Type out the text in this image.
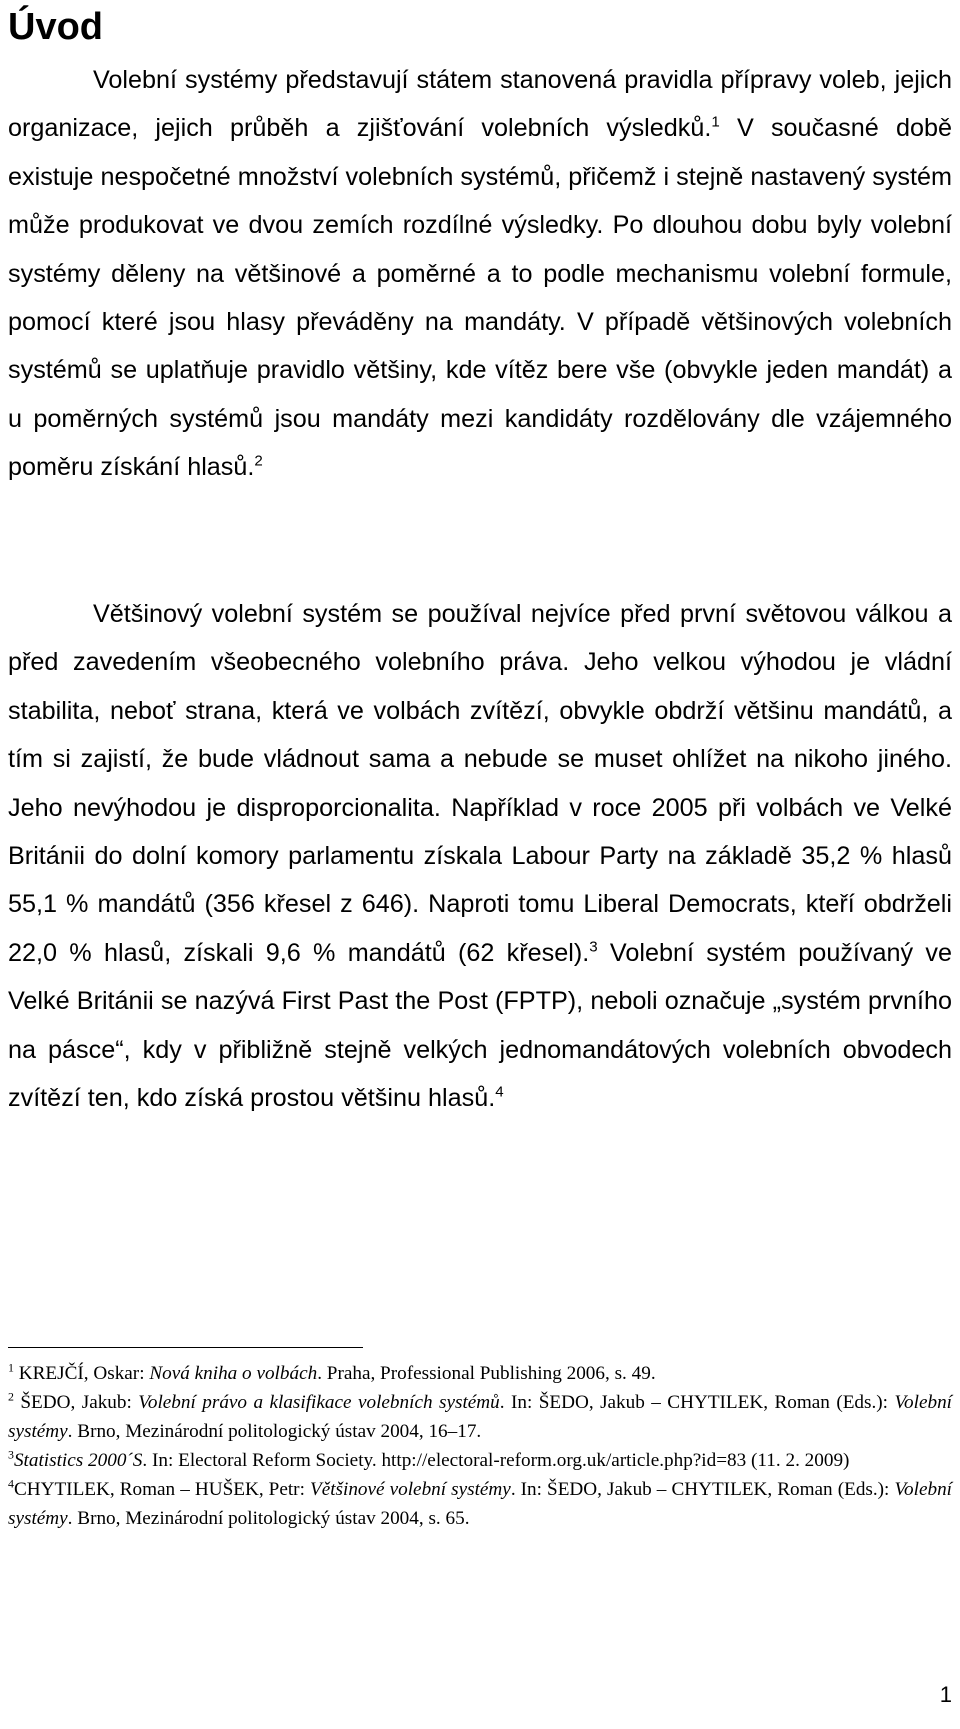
Úvod

Volební systémy představují státem stanovená pravidla přípravy voleb, jejich organizace, jejich průběh a zjišťování volebních výsledků.$^1$ V současné době existuje nespočetné množství volebních systémů, přičemž i stejně nastavený systém může produkovat ve dvou zemích rozdílné výsledky. Po dlouhou dobu byly volební systémy děleny na většinové a poměrné a to podle mechanismu volební formule, pomocí které jsou hlasy převáděny na mandáty. V případě většinových volebních systémů se uplatňuje pravidlo většiny, kde vítěz bere vše (obvykle jeden mandát) a u poměrných systémů jsou mandáty mezi kandidáty rozdělovány dle vzájemného poměru získání hlasů.$^2$

Většinový volební systém se používal nejvíce před první světovou válkou a před zavedením všeobecného volebního práva. Jeho velkou výhodou je vládní stabilita, neboť strana, která ve volbách zvítězí, obvykle obdrží většinu mandátů, a tím si zajistí, že bude vládnout sama a nebude se muset ohlížet na nikoho jiného. Jeho nevýhodou je disproporcionalita. Například v roce 2005 při volbách ve Velké Británii do dolní komory parlamentu získala Labour Party na základě 35,2 % hlasů 55,1 % mandátů (356 křesel z 646). Naproti tomu Liberal Democrats, kteří obdrželi 22,0 % hlasů, získali 9,6 % mandátů (62 křesel).$^3$ Volební systém používaný ve Velké Británii se nazývá First Past the Post (FPTP), neboli označuje „systém prvního na pásce“, kdy v přibližně stejně velkých jednomandátových volebních obvodech zvítězí ten, kdo získá prostou většinu hlasů.$^4$

$^1$ KREJČÍ, Oskar: Nová kniha o volbách. Praha, Professional Publishing 2006, s. 49.

$^2$ ŠEDO, Jakub: Volební právo a klasifikace volebních systémů. In: ŠEDO, Jakub – CHYTILEK, Roman (Eds.): Volební systémy. Brno, Mezinárodní politologický ústav 2004, 16–17.

$^3$Statistics 2000´S. In: Electoral Reform Society. http://electoral-reform.org.uk/article.php?id=83 (11. 2. 2009)

$^4$CHYTILEK, Roman – HUŠEK, Petr: Většinové volební systémy. In: ŠEDO, Jakub – CHYTILEK, Roman (Eds.): Volební systémy. Brno, Mezinárodní politologický ústav 2004, s. 65.

1
